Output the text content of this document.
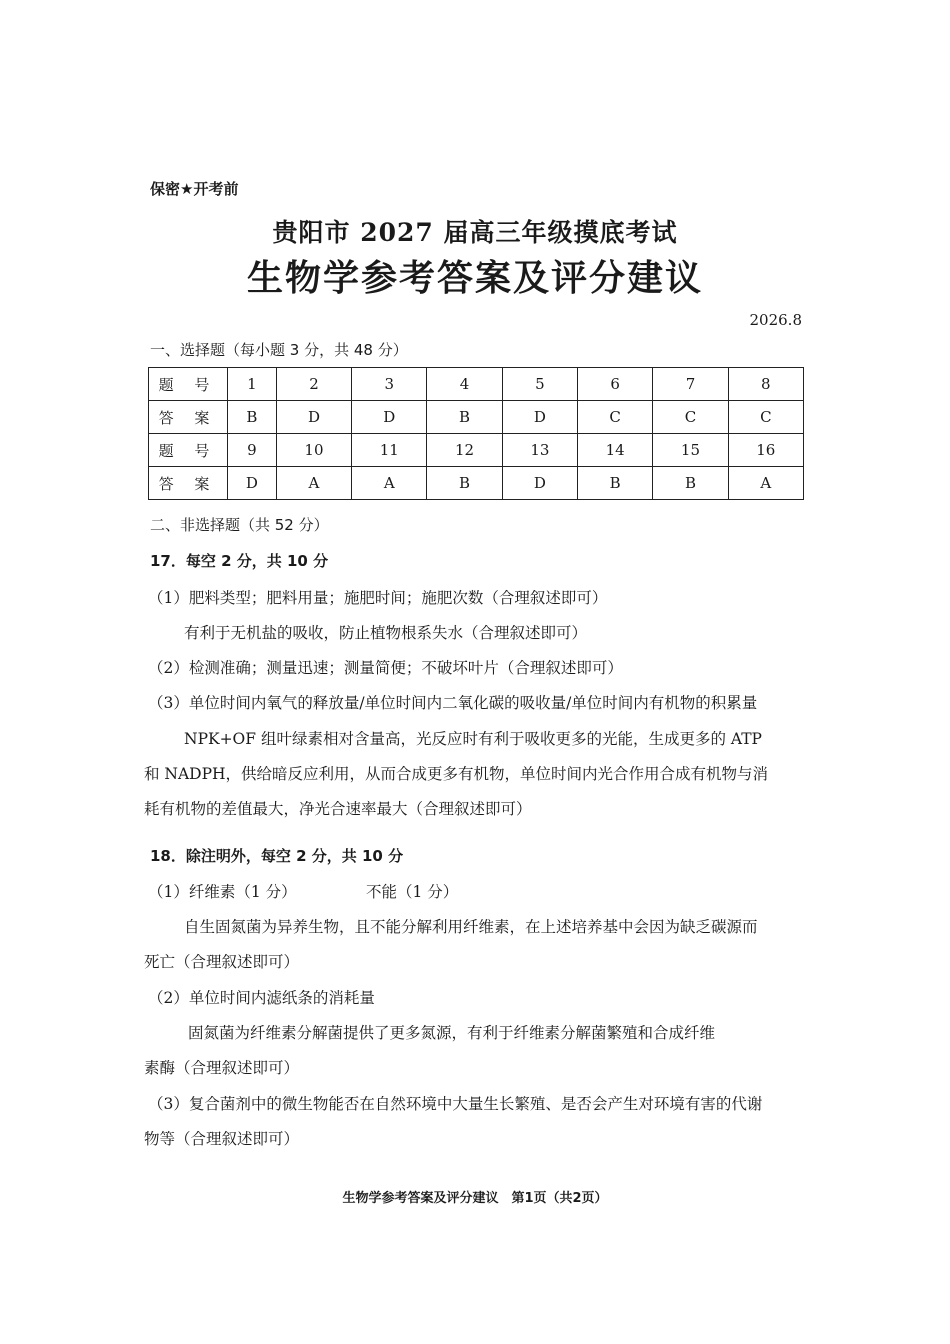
保密★开考前
贵阳市 2027 届高三年级摸底考试
生物学参考答案及评分建议
2026.8
一、选择题（每小题 3 分，共 48 分）
题 号	1	2	3	4	5	6	7	8
答 案	B	D	D	B	D	C	C	C
题 号	9	10	11	12	13	14	15	16
答 案	D	A	A	B	D	B	B	A
二、非选择题（共 52 分）
17．每空 2 分，共 10 分
（1）肥料类型；肥料用量；施肥时间；施肥次数（合理叙述即可）
有利于无机盐的吸收，防止植物根系失水（合理叙述即可）
（2）检测准确；测量迅速；测量简便；不破坏叶片（合理叙述即可）
（3）单位时间内氧气的释放量/单位时间内二氧化碳的吸收量/单位时间内有机物的积累量
NPK+OF 组叶绿素相对含量高，光反应时有利于吸收更多的光能，生成更多的 ATP
和 NADPH，供给暗反应利用，从而合成更多有机物，单位时间内光合作用合成有机物与消
耗有机物的差值最大，净光合速率最大（合理叙述即可）
18．除注明外，每空 2 分，共 10 分
（1）纤维素（1 分）	不能（1 分）
自生固氮菌为异养生物，且不能分解利用纤维素，在上述培养基中会因为缺乏碳源而
死亡（合理叙述即可）
（2）单位时间内滤纸条的消耗量
固氮菌为纤维素分解菌提供了更多氮源，有利于纤维素分解菌繁殖和合成纤维
素酶（合理叙述即可）
（3）复合菌剂中的微生物能否在自然环境中大量生长繁殖、是否会产生对环境有害的代谢
物等（合理叙述即可）
生物学参考答案及评分建议　第1页（共2页）
